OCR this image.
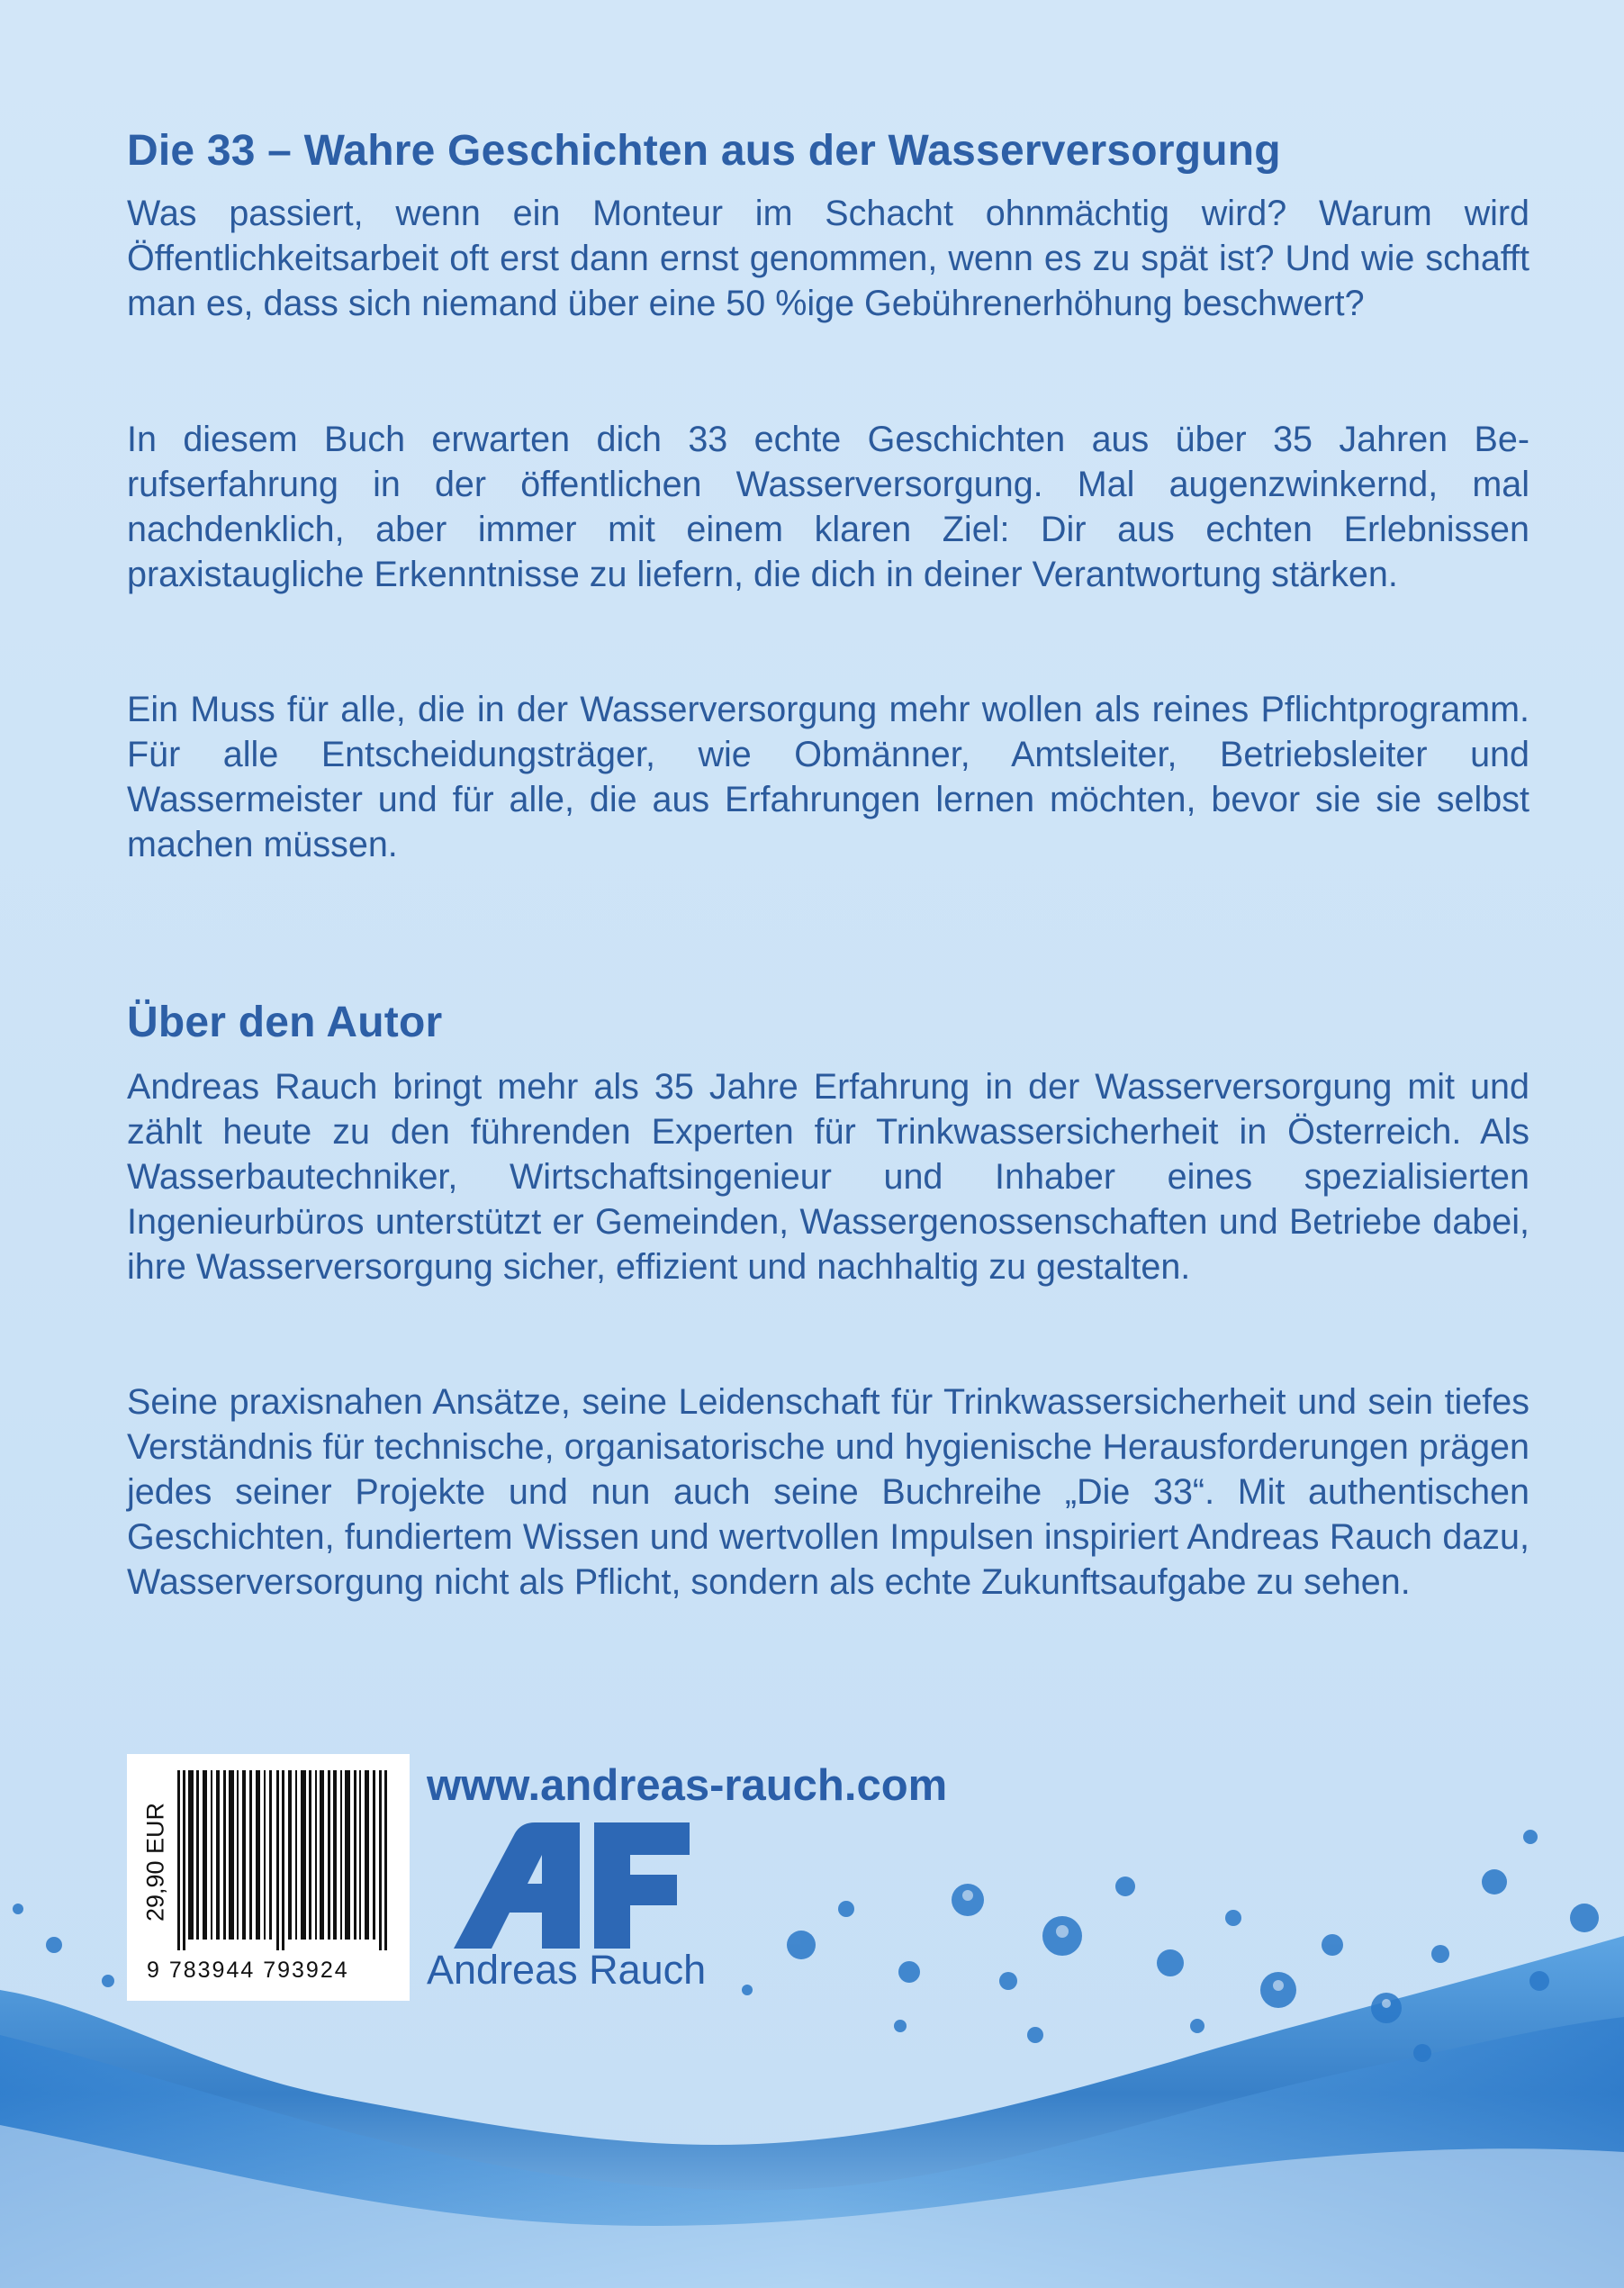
Die 33 – Wahre Geschichten aus der Wasserversorgung

Was passiert, wenn ein Monteur im Schacht ohnmächtig wird? Warum wird Öffentlichkeitsarbeit oft erst dann ernst genommen, wenn es zu spät ist? Und wie schafft man es, dass sich niemand über eine 50 %ige Gebührenerhöhung beschwert?

In diesem Buch erwarten dich 33 echte Geschichten aus über 35 Jahren Berufserfahrung in der öffentlichen Wasserversorgung. Mal augenzwinkernd, mal nachdenklich, aber immer mit einem klaren Ziel: Dir aus echten Erlebnissen praxistaugliche Erkenntnisse zu liefern, die dich in deiner Verantwortung stärken.

Ein Muss für alle, die in der Wasserversorgung mehr wollen als reines Pflichtprogramm. Für alle Entscheidungsträger, wie Obmänner, Amtsleiter, Betriebsleiter und Wassermeister und für alle, die aus Erfahrungen lernen möchten, bevor sie sie selbst machen müssen.

Über den Autor

Andreas Rauch bringt mehr als 35 Jahre Erfahrung in der Wasserversorgung mit und zählt heute zu den führenden Experten für Trinkwassersicherheit in Österreich. Als Wasserbautechniker, Wirtschaftsingenieur und Inhaber eines spezialisierten Ingenieurbüros unterstützt er Gemeinden, Wassergenossenschaften und Betriebe dabei, ihre Wasserversorgung sicher, effizient und nachhaltig zu gestalten.

Seine praxisnahen Ansätze, seine Leidenschaft für Trinkwassersicherheit und sein tiefes Verständnis für technische, organisatorische und hygienische Herausforderungen prägen jedes seiner Projekte und nun auch seine Buchreihe „Die 33“. Mit authentischen Geschichten, fundiertem Wissen und wertvollen Impulsen inspiriert Andreas Rauch dazu, Wasserversorgung nicht als Pflicht, sondern als echte Zukunftsaufgabe zu sehen.

29,90 EUR
9 783944 793924
www.andreas-rauch.com
Andreas Rauch
